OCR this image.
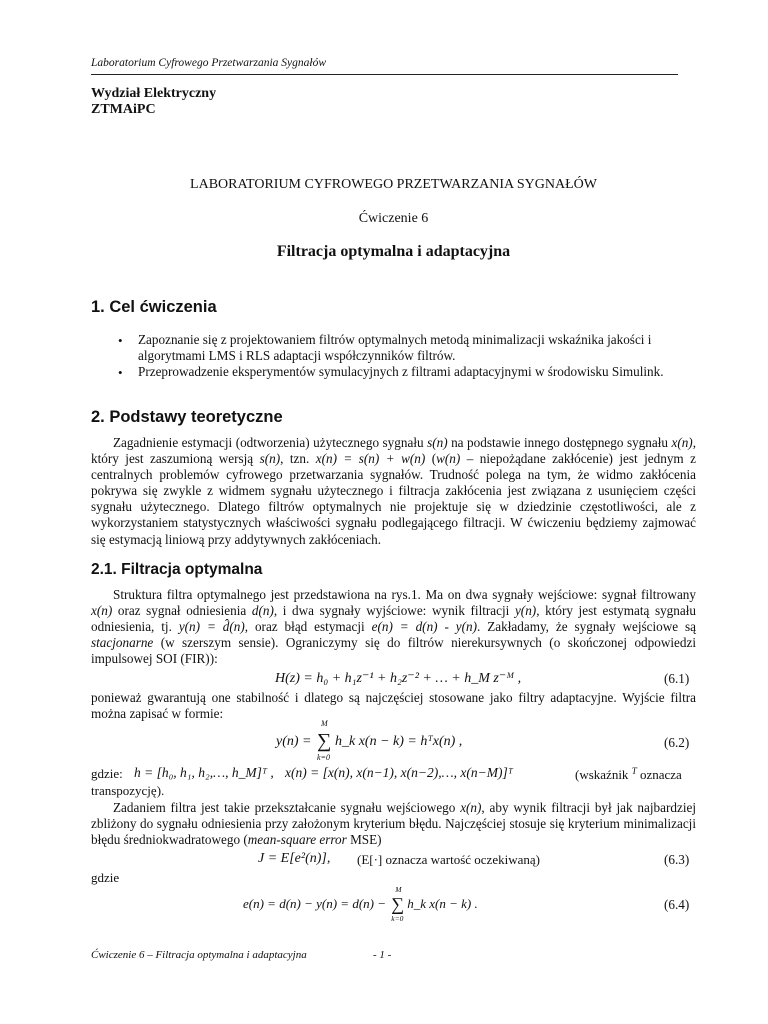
Laboratorium Cyfrowego Przetwarzania Sygnałów
Wydział Elektryczny
ZTMAiPC
LABORATORIUM CYFROWEGO PRZETWARZANIA SYGNAŁÓW
Ćwiczenie 6
Filtracja optymalna i adaptacyjna
1. Cel ćwiczenia
• Zapoznanie się z projektowaniem filtrów optymalnych metodą minimalizacji wskaźnika jakości i algorytmami LMS i RLS adaptacji współczynników filtrów.
• Przeprowadzenie eksperymentów symulacyjnych z filtrami adaptacyjnymi w środowisku Simulink.
2. Podstawy teoretyczne
Zagadnienie estymacji (odtworzenia) użytecznego sygnału s(n) na podstawie innego dostępnego sygnału x(n), który jest zaszumioną wersją s(n), tzn. x(n) = s(n) + w(n) (w(n) – niepożądane zakłócenie) jest jednym z centralnych problemów cyfrowego przetwarzania sygnałów. Trudność polega na tym, że widmo zakłócenia pokrywa się zwykle z widmem sygnału użytecznego i filtracja zakłócenia jest związana z usunięciem części sygnału użytecznego. Dlatego filtrów optymalnych nie projektuje się w dziedzinie częstotliwości, ale z wykorzystaniem statystycznych właściwości sygnału podlegającego filtracji. W ćwiczeniu będziemy zajmować się estymacją liniową przy addytywnych zakłóceniach.
2.1. Filtracja optymalna
Struktura filtra optymalnego jest przedstawiona na rys.1. Ma on dwa sygnały wejściowe: sygnał filtrowany x(n) oraz sygnał odniesienia d(n), i dwa sygnały wyjściowe: wynik filtracji y(n), który jest estymatą sygnału odniesienia, tj. y(n) = d̂(n), oraz błąd estymacji e(n) = d(n) - y(n). Zakładamy, że sygnały wejściowe są stacjonarne (w szerszym sensie). Ograniczymy się do filtrów nierekursywnych (o skończonej odpowiedzi impulsowej SOI (FIR)):
H(z) = h₀ + h₁z⁻¹ + h₂z⁻² + … + h_M z⁻ᴹ ,	(6.1)
ponieważ gwarantują one stabilność i dlatego są najczęściej stosowane jako filtry adaptacyjne. Wyjście filtra można zapisać w formie:
y(n) = ∑
M
k=0
h_k x(n − k) = hᵀx(n) ,	(6.2)
gdzie: h = [h₀, h₁, h₂,…, h_M]ᵀ , x(n) = [x(n), x(n−1), x(n−2),…, x(n−M)]ᵀ	(wskaźnik $^T$ oznacza
transpozycję).
Zadaniem filtra jest takie przekształcanie sygnału wejściowego x(n), aby wynik filtracji był jak najbardziej zbliżony do sygnału odniesienia przy założonym kryterium błędu. Najczęściej stosuje się kryterium minimalizacji błędu średniokwadratowego (mean-square error MSE)
J = E[e²(n)], (E[·] oznacza wartość oczekiwaną)	(6.3)
gdzie
e(n) = d(n) − y(n) = d(n) − ∑
M
k=0
h_k x(n − k) .	(6.4)
Ćwiczenie 6 – Filtracja optymalna i adaptacyjna	- 1 -
